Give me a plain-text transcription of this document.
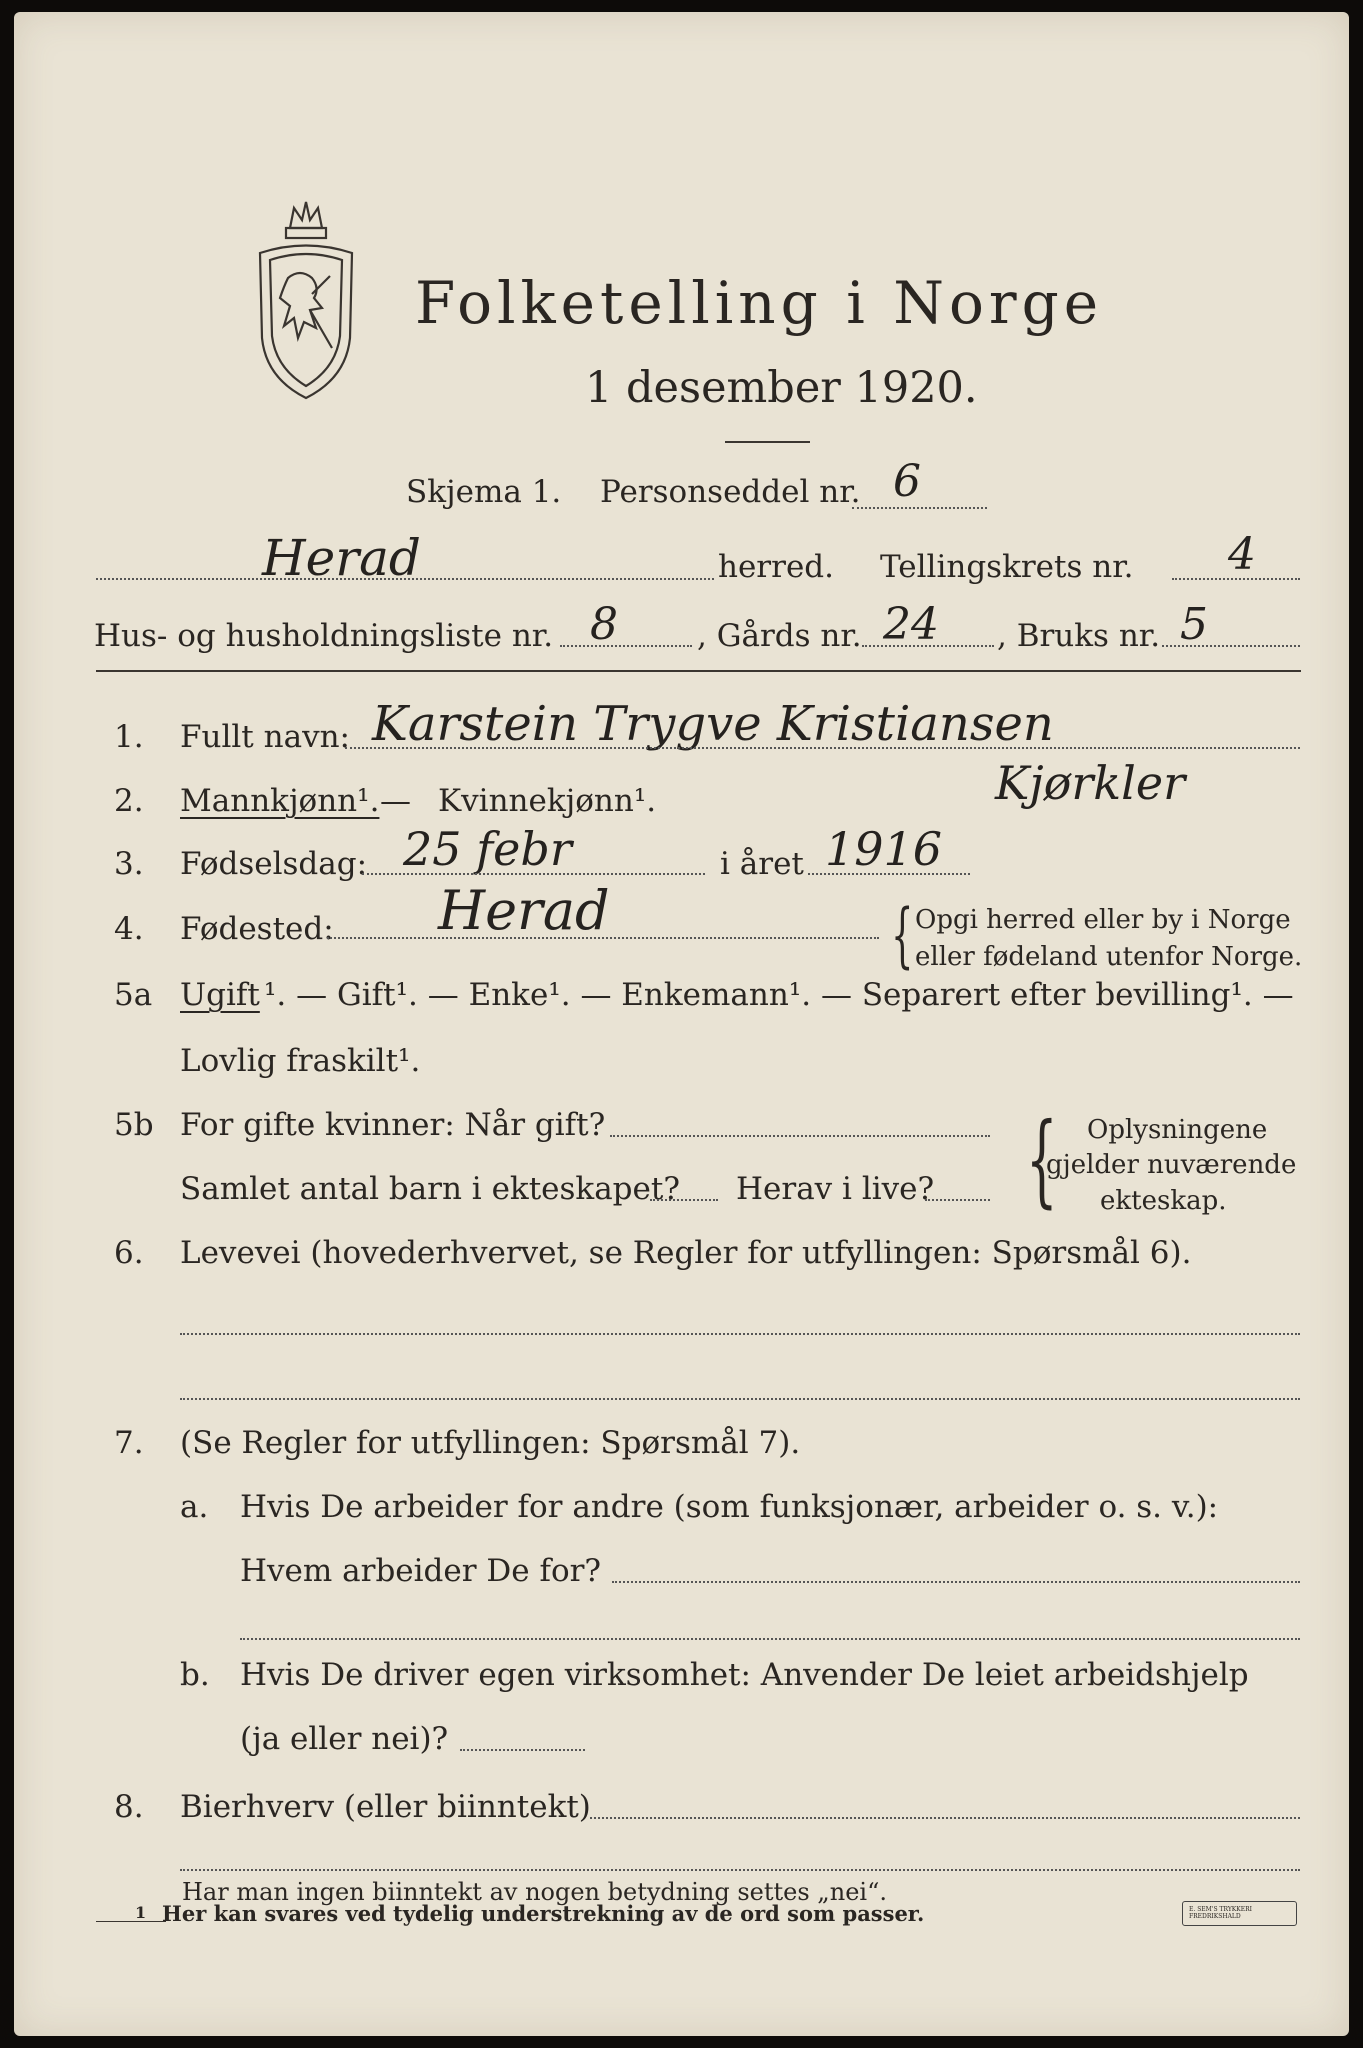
Folketelling i Norge
1 desember 1920.
Skjema 1. Personseddel nr. 6
Herad	herred. Tellingskrets nr. 4
Hus- og husholdningsliste nr. 8	, Gårds nr. 24 , Bruks nr. 5
1. Fullt navn: Karstein Trygve Kristiansen
Kjørkler
2. Mannkjønn¹. — Kvinnekjønn¹.
3. Fødselsdag: 25 febr	i året 1916
4. Fødested: Herad	{ Opgi herred eller by i Norge
eller fødeland utenfor Norge.
5a Ugift ¹. — Gift¹. — Enke¹. — Enkemann¹. — Separert efter bevilling¹. —
Lovlig fraskilt¹.
5b For gifte kvinner: Når gift?
Samlet antal barn i ekteskapet? Herav i live? { Oplysningene
gjelder nuværende
ekteskap.
6. Levevei (hovederhvervet, se Regler for utfyllingen: Spørsmål 6).
7. (Se Regler for utfyllingen: Spørsmål 7).
a. Hvis De arbeider for andre (som funksjonær, arbeider o. s. v.):
Hvem arbeider De for?
b. Hvis De driver egen virksomhet: Anvender De leiet arbeidshjelp
(ja eller nei)?
8. Bierhverv (eller biinntekt)
Har man ingen biinntekt av nogen betydning settes „nei“.
1 Her kan svares ved tydelig understrekning av de ord som passer.	E. SEM'S TRYKKERI FREDRIKSHALD
